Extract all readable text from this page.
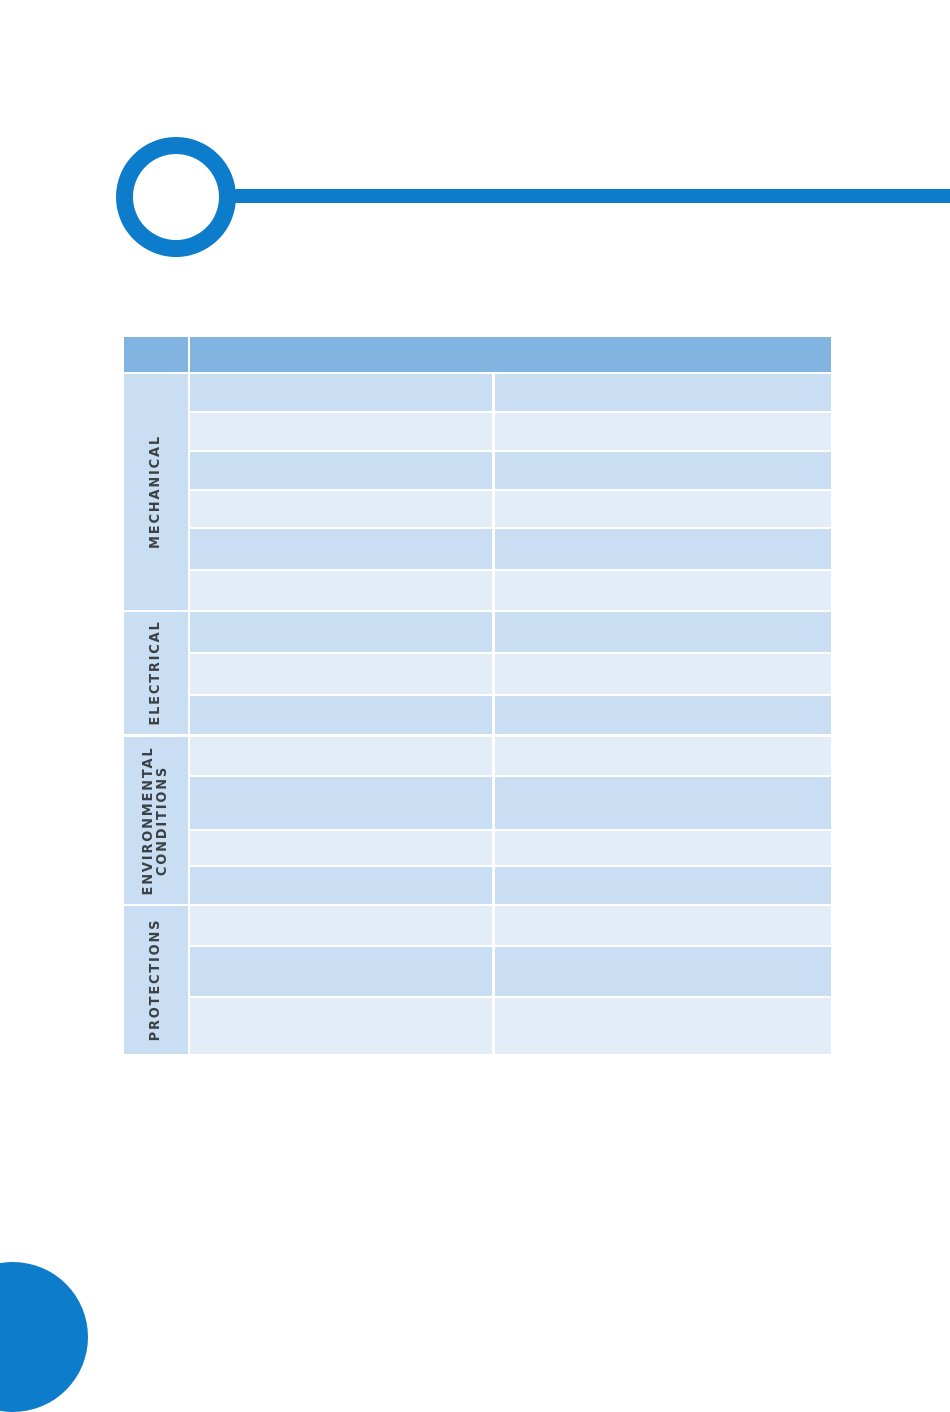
MECHANICAL
ELECTRICAL
ENVIRONMENTAL CONDITIONS
PROTECTIONS
